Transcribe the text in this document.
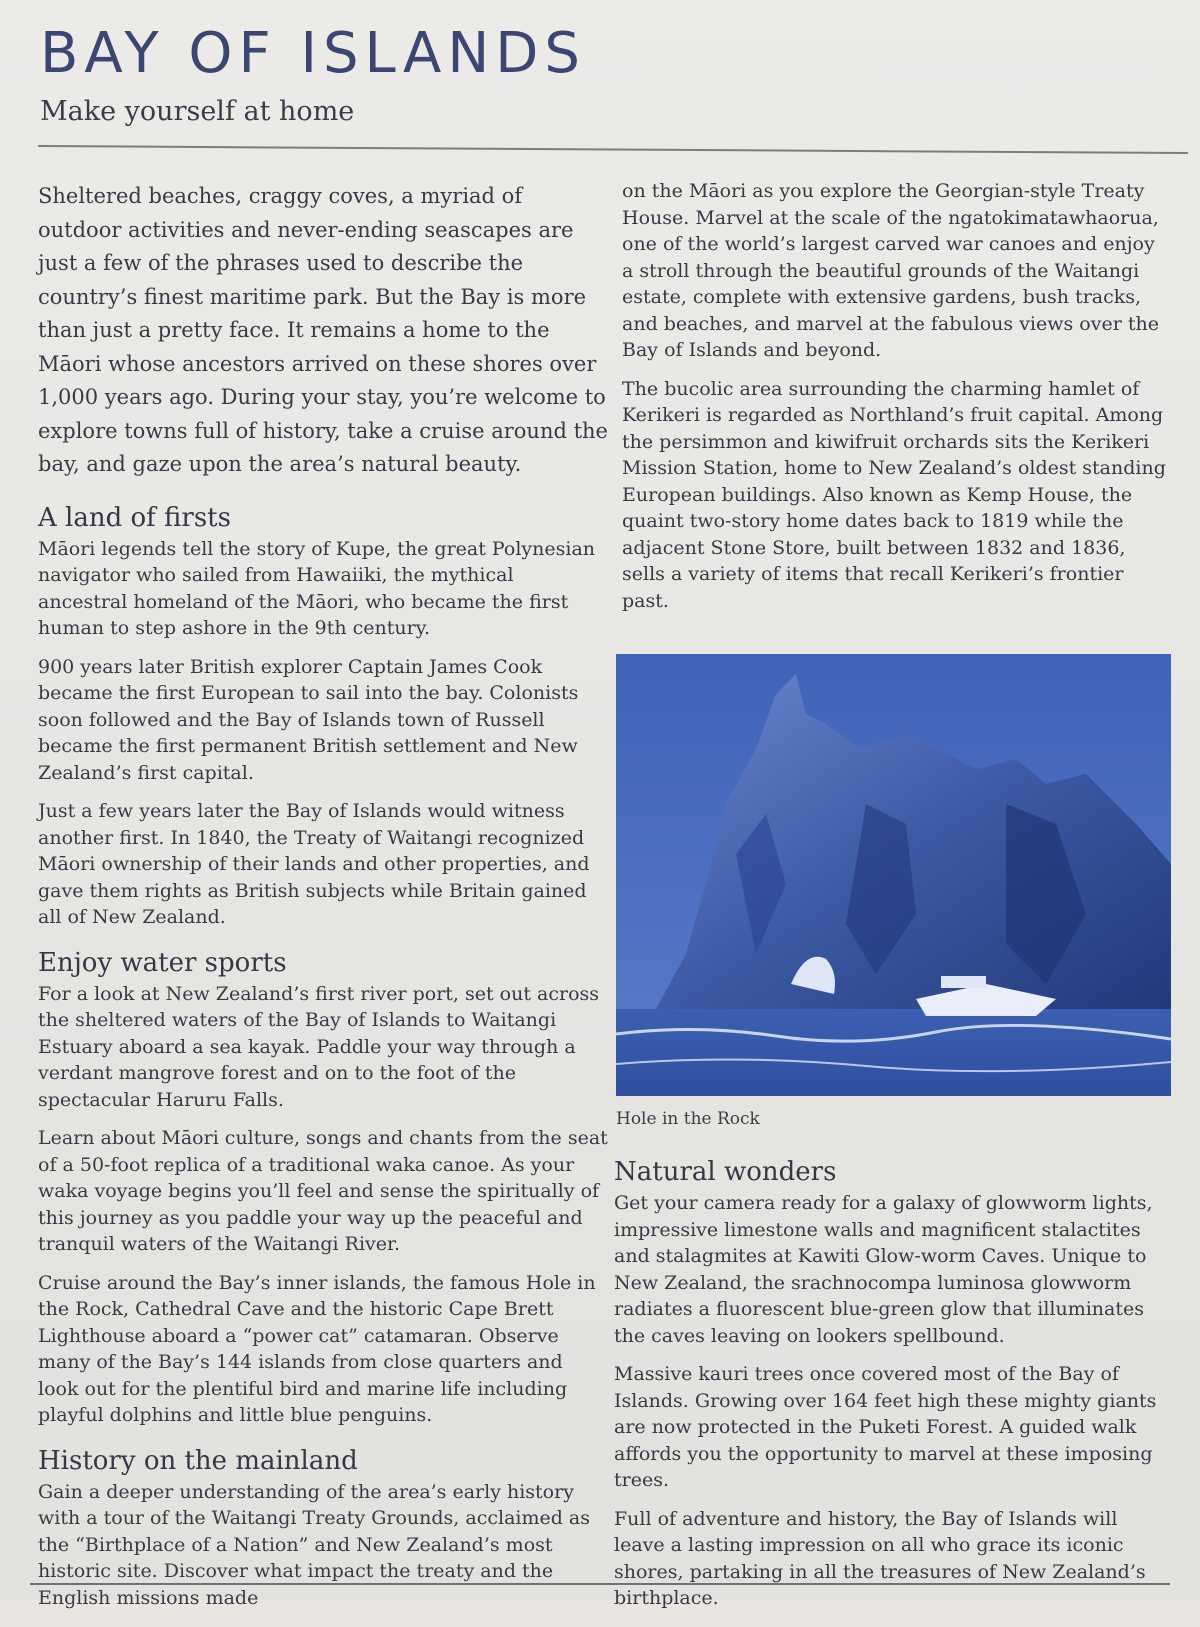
BAY OF ISLANDS
Make yourself at home

Sheltered beaches, craggy coves, a myriad of outdoor activities and never-ending seascapes are just a few of the phrases used to describe the country’s finest maritime park. But the Bay is more than just a pretty face. It remains a home to the Māori whose ancestors arrived on these shores over 1,000 years ago. During your stay, you’re welcome to explore towns full of history, take a cruise around the bay, and gaze upon the area’s natural beauty.

A land of firsts

Māori legends tell the story of Kupe, the great Polynesian navigator who sailed from Hawaiiki, the mythical ancestral homeland of the Māori, who became the first human to step ashore in the 9th century.

900 years later British explorer Captain James Cook became the first European to sail into the bay. Colonists soon followed and the Bay of Islands town of Russell became the first permanent British settlement and New Zealand’s first capital.

Just a few years later the Bay of Islands would witness another first. In 1840, the Treaty of Waitangi recognized Māori ownership of their lands and other properties, and gave them rights as British subjects while Britain gained all of New Zealand.

Enjoy water sports

For a look at New Zealand’s first river port, set out across the sheltered waters of the Bay of Islands to Waitangi Estuary aboard a sea kayak. Paddle your way through a verdant mangrove forest and on to the foot of the spectacular Haruru Falls.

Learn about Māori culture, songs and chants from the seat of a 50-foot replica of a traditional waka canoe. As your waka voyage begins you’ll feel and sense the spiritually of this journey as you paddle your way up the peaceful and tranquil waters of the Waitangi River.

Cruise around the Bay’s inner islands, the famous Hole in the Rock, Cathedral Cave and the historic Cape Brett Lighthouse aboard a “power cat” catamaran. Observe many of the Bay’s 144 islands from close quarters and look out for the plentiful bird and marine life including playful dolphins and little blue penguins.

History on the mainland

Gain a deeper understanding of the area’s early history with a tour of the Waitangi Treaty Grounds, acclaimed as the “Birthplace of a Nation” and New Zealand’s most historic site. Discover what impact the treaty and the English missions made

on the Māori as you explore the Georgian-style Treaty House. Marvel at the scale of the ngatokimatawhaorua, one of the world’s largest carved war canoes and enjoy a stroll through the beautiful grounds of the Waitangi estate, complete with extensive gardens, bush tracks, and beaches, and marvel at the fabulous views over the Bay of Islands and beyond.

The bucolic area surrounding the charming hamlet of Kerikeri is regarded as Northland’s fruit capital. Among the persimmon and kiwifruit orchards sits the Kerikeri Mission Station, home to New Zealand’s oldest standing European buildings. Also known as Kemp House, the quaint two-story home dates back to 1819 while the adjacent Stone Store, built between 1832 and 1836, sells a variety of items that recall Kerikeri’s frontier past.

Hole in the Rock
Natural wonders

Get your camera ready for a galaxy of glowworm lights, impressive limestone walls and magnificent stalactites and stalagmites at Kawiti Glow-worm Caves. Unique to New Zealand, the srachnocompa luminosa glowworm radiates a fluorescent blue-green glow that illuminates the caves leaving on lookers spellbound.

Massive kauri trees once covered most of the Bay of Islands. Growing over 164 feet high these mighty giants are now protected in the Puketi Forest. A guided walk affords you the opportunity to marvel at these imposing trees.

Full of adventure and history, the Bay of Islands will leave a lasting impression on all who grace its iconic shores, partaking in all the treasures of New Zealand’s birthplace.
